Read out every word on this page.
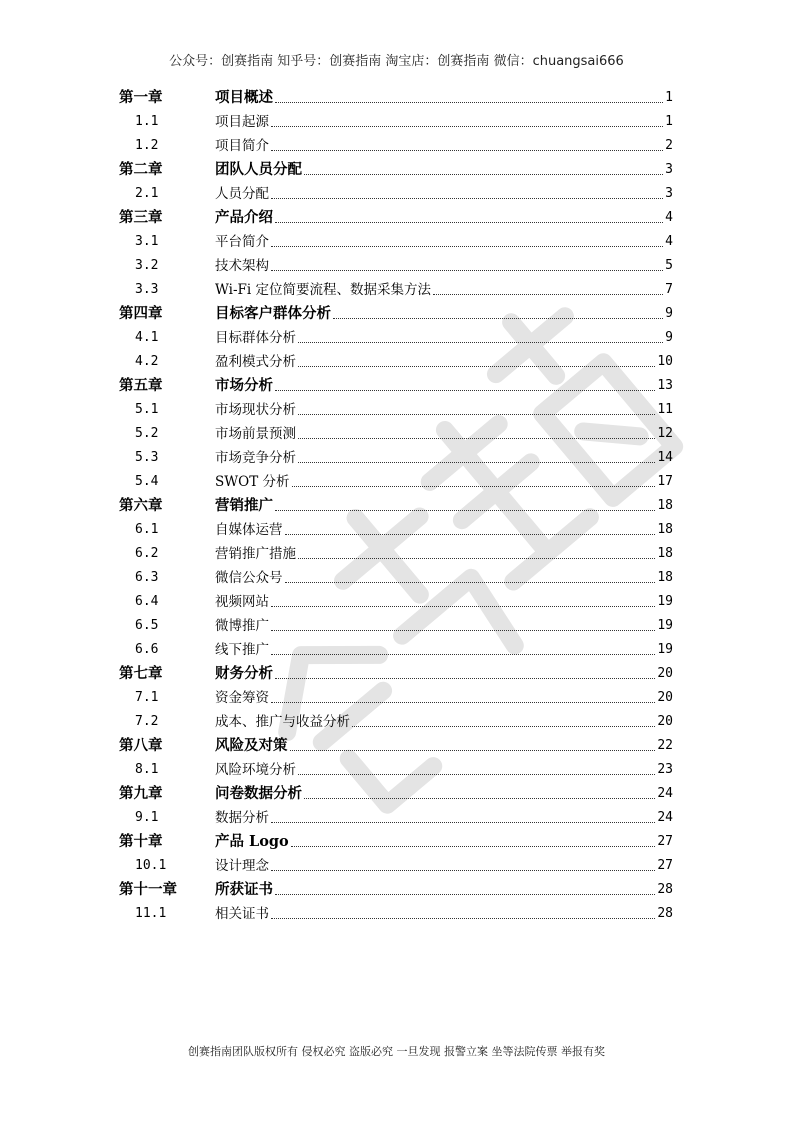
公众号：创赛指南 知乎号：创赛指南 淘宝店：创赛指南 微信：chuangsai666
第一章	项目概述	1
1.1	项目起源	1
1.2	项目简介	2
第二章	团队人员分配	3
2.1	人员分配	3
第三章	产品介绍	4
3.1	平台简介	4
3.2	技术架构	5
3.3	Wi-Fi 定位简要流程、数据采集方法	7
第四章	目标客户群体分析	9
4.1	目标群体分析	9
4.2	盈利模式分析	10
第五章	市场分析	13
5.1	市场现状分析	11
5.2	市场前景预测	12
5.3	市场竞争分析	14
5.4	SWOT 分析	17
第六章	营销推广	18
6.1	自媒体运营	18
6.2	营销推广措施	18
6.3	微信公众号	18
6.4	视频网站	19
6.5	微博推广	19
6.6	线下推广	19
第七章	财务分析	20
7.1	资金筹资	20
7.2	成本、推广与收益分析	20
第八章	风险及对策	22
8.1	风险环境分析	23
第九章	问卷数据分析	24
9.1	数据分析	24
第十章	产品 Logo	27
10.1	设计理念	27
第十一章	所获证书	28
11.1	相关证书	28
创赛指南团队版权所有 侵权必究 盗版必究 一旦发现 报警立案 坐等法院传票 举报有奖
